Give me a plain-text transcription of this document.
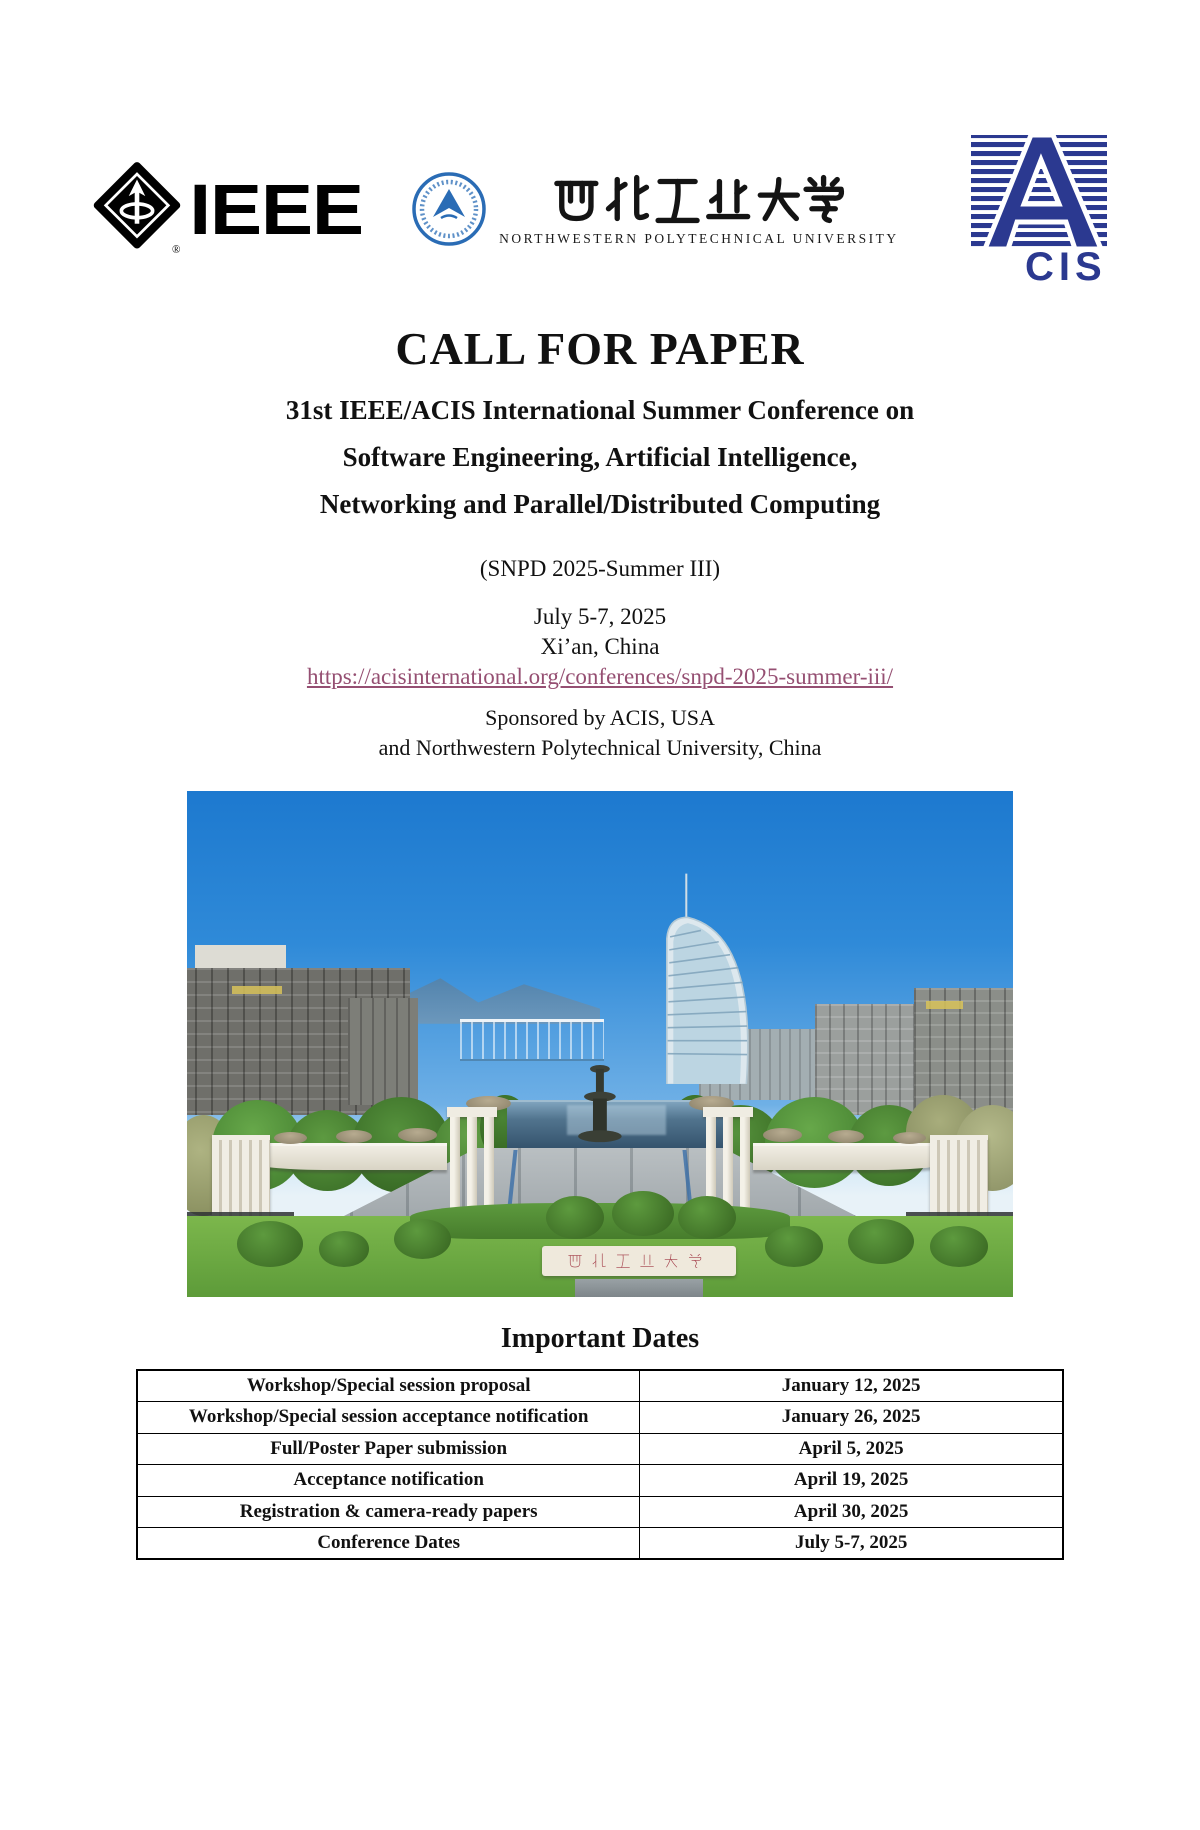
®
IEEE	NORTHWESTERN POLYTECHNICAL UNIVERSITY
CIS
CALL FOR PAPER
31st IEEE/ACIS International Summer Conference on
Software Engineering, Artificial Intelligence,
Networking and Parallel/Distributed Computing
(SNPD 2025-Summer III)
July 5-7, 2025
Xi’an, China
https://acisinternational.org/conferences/snpd-2025-summer-iii/
Sponsored by ACIS, USA
and Northwestern Polytechnical University, China
Important Dates
Workshop/Special session proposal	January 12, 2025
Workshop/Special session acceptance notification	January 26, 2025
Full/Poster Paper submission	April 5, 2025
Acceptance notification	April 19, 2025
Registration & camera-ready papers	April 30, 2025
Conference Dates	July 5-7, 2025
